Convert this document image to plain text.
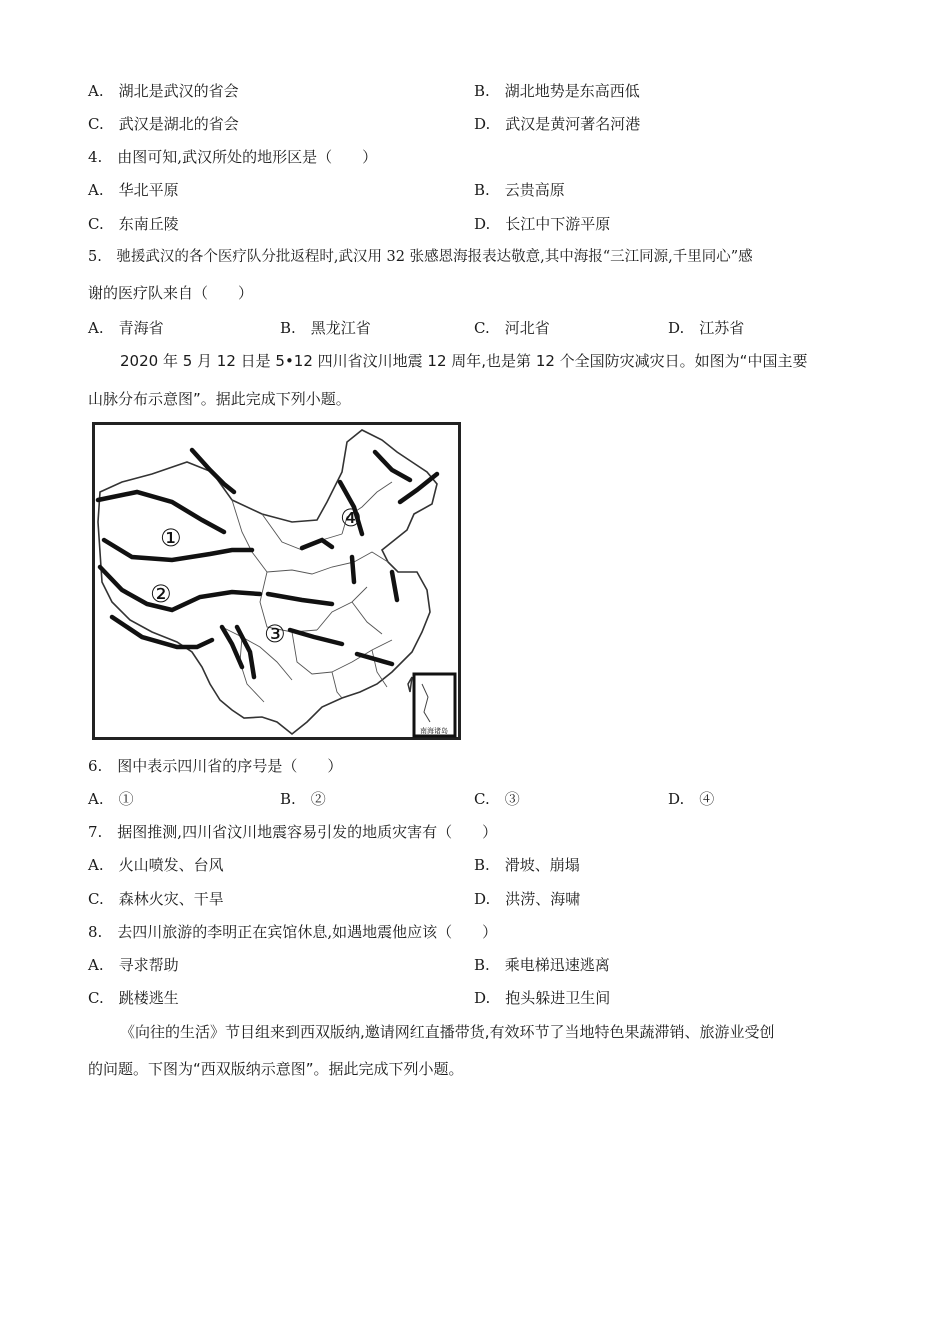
A.　湖北是武汉的省会	B.　湖北地势是东高西低
C.　武汉是湖北的省会	D.　武汉是黄河著名河港
4.　由图可知,武汉所处的地形区是（　　）
A.　华北平原	B.　云贵高原
C.　东南丘陵	D.　长江中下游平原
5.　驰援武汉的各个医疗队分批返程时,武汉用 32 张感恩海报表达敬意,其中海报“三江同源,千里同心”感
谢的医疗队来自（　　）
A.　青海省	B.　黑龙江省	C.　河北省	D.　江苏省
2020 年 5 月 12 日是 5•12 四川省汶川地震 12 周年,也是第 12 个全国防灾减灾日。如图为“中国主要
山脉分布示意图”。据此完成下列小题。
①
②
③
④
南海诸岛
6.　图中表示四川省的序号是（　　）
A.　①	B.　②	C.　③	D.　④
7.　据图推测,四川省汶川地震容易引发的地质灾害有（　　）
A.　火山喷发、台风	B.　滑坡、崩塌
C.　森林火灾、干旱	D.　洪涝、海啸
8.　去四川旅游的李明正在宾馆休息,如遇地震他应该（　　）
A.　寻求帮助	B.　乘电梯迅速逃离
C.　跳楼逃生	D.　抱头躲进卫生间
《向往的生活》节目组来到西双版纳,邀请网红直播带货,有效环节了当地特色果蔬滞销、旅游业受创
的问题。下图为“西双版纳示意图”。据此完成下列小题。
